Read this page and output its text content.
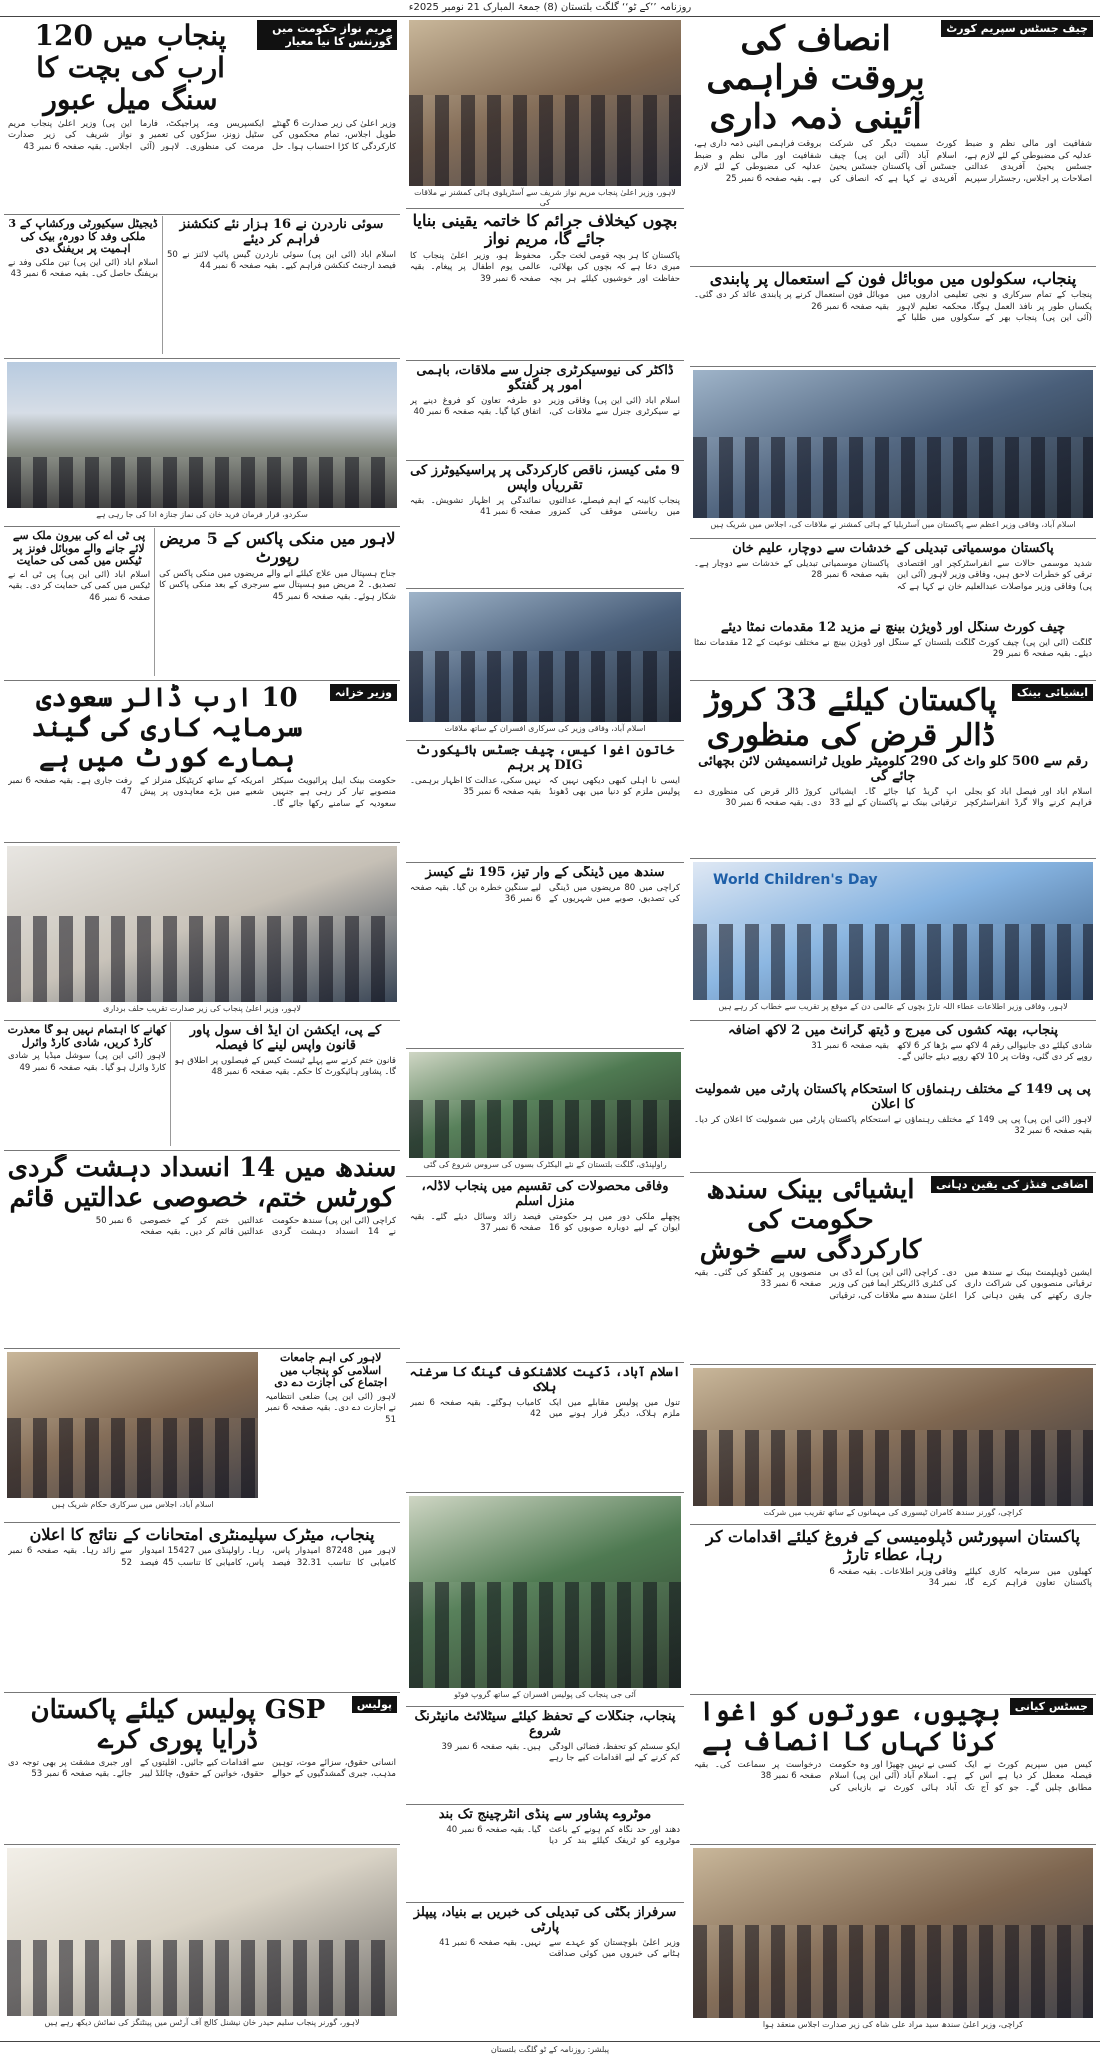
روزنامہ ’’کے ٹو‘‘ گلگت بلتستان (8) جمعۃ المبارک 21 نومبر 2025ء
چیف جسٹس سپریم کورٹ
انصاف کی بروقت فراہمی آئینی ذمہ داری
شفافیت اور مالی نظم و ضبط عدلیہ کی مضبوطی کے لئے لازم ہے، جسٹس یحییٰ آفریدی عدالتی اصلاحات پر اجلاس، رجسٹرار سپریم کورٹ سمیت دیگر کی شرکت اسلام آباد (آئی این پی) چیف جسٹس آف پاکستان جسٹس یحییٰ آفریدی نے کہا ہے کہ انصاف کی بروقت فراہمی آئینی ذمہ داری ہے، شفافیت اور مالی نظم و ضبط عدلیہ کی مضبوطی کے لئے لازم ہے۔ بقیہ صفحہ 6 نمبر 25
پنجاب، سکولوں میں موبائل فون کے استعمال پر پابندی
پنجاب کے تمام سرکاری و نجی تعلیمی اداروں میں یکساں طور پر نافذ العمل ہوگا، محکمہ تعلیم لاہور (آئی این پی) پنجاب بھر کے سکولوں میں طلبا کے موبائل فون استعمال کرنے پر پابندی عائد کر دی گئی۔ بقیہ صفحہ 6 نمبر 26
اسلام آباد، وفاقی وزیر اعظم سے پاکستان میں آسٹریلیا کے ہائی کمشنر نے ملاقات کی، اجلاس میں شریک ہیں
پاکستان موسمیاتی تبدیلی کے خدشات سے دوچار، علیم خان
شدید موسمی حالات سے انفراسٹرکچر اور اقتصادی ترقی کو خطرات لاحق ہیں، وفاقی وزیر لاہور (آئی این پی) وفاقی وزیر مواصلات عبدالعلیم خان نے کہا ہے کہ پاکستان موسمیاتی تبدیلی کے خدشات سے دوچار ہے۔ بقیہ صفحہ 6 نمبر 28
چیف کورٹ سنگل اور ڈویژن بینچ نے مزید 12 مقدمات نمٹا دیئے
گلگت (آئی این پی) چیف کورٹ گلگت بلتستان کے سنگل اور ڈویژن بینچ نے مختلف نوعیت کے 12 مقدمات نمٹا دیئے۔ بقیہ صفحہ 6 نمبر 29
ایشیائی بینک
پاکستان کیلئے 33 کروڑ ڈالر قرض کی منظوری
رقم سے 500 کلو واٹ کی 290 کلومیٹر طویل ٹرانسمیشن لائن بچھائی جائے گی
اسلام آباد اور فیصل آباد کو بجلی فراہم کرنے والا گرڈ انفراسٹرکچر اپ گریڈ کیا جائے گا۔ ایشیائی ترقیاتی بینک نے پاکستان کے لیے 33 کروڑ ڈالر قرض کی منظوری دے دی۔ بقیہ صفحہ 6 نمبر 30
World Children's Day
لاہور، وفاقی وزیر اطلاعات عطاء اللہ تارڑ بچوں کے عالمی دن کے موقع پر تقریب سے خطاب کر رہے ہیں
پنجاب، بھتہ کشوں کی میرج و ڈیتھ گرانٹ میں 2 لاکھ اضافہ
شادی کیلئے دی جانیوالی رقم 4 لاکھ سے بڑھا کر 6 لاکھ روپے کر دی گئی، وفات پر 10 لاکھ روپے دیئے جائیں گے۔ بقیہ صفحہ 6 نمبر 31
پی پی 149 کے مختلف رہنماؤں کا استحکام پاکستان پارٹی میں شمولیت کا اعلان
لاہور (آئی این پی) پی پی 149 کے مختلف رہنماؤں نے استحکام پاکستان پارٹی میں شمولیت کا اعلان کر دیا۔ بقیہ صفحہ 6 نمبر 32
اضافی فنڈز کی یقین دہانی
ایشیائی بینک سندھ حکومت کی کارکردگی سے خوش
ایشین ڈویلپمنٹ بینک نے سندھ میں ترقیاتی منصوبوں کی شراکت داری جاری رکھنے کی یقین دہانی کرا دی۔ کراچی (آئی این پی) اے ڈی بی کی کنٹری ڈائریکٹر ایما فین کی وزیر اعلیٰ سندھ سے ملاقات کی، ترقیاتی منصوبوں پر گفتگو کی گئی۔ بقیہ صفحہ 6 نمبر 33
کراچی، گورنر سندھ کامران ٹیسوری کی مہمانوں کے ساتھ تقریب میں شرکت
پاکستان اسپورٹس ڈپلومیسی کے فروغ کیلئے اقدامات کر رہا، عطاء تارڑ
کھیلوں میں سرمایہ کاری کیلئے پاکستان تعاون فراہم کرے گا، وفاقی وزیر اطلاعات۔ بقیہ صفحہ 6 نمبر 34
جسٹس کیانی
بچیوں، عورتوں کو اغوا کرنا کہاں کا انصاف ہے
کیس میں سپریم کورٹ نے ایک فیصلہ معطل کر دیا ہے اس کے مطابق چلیں گے۔ جو کو آج تک کسی نے نہیں چھیڑا اور وہ حکومت ہے۔ اسلام آباد (آئی این پی) اسلام آباد ہائی کورٹ نے بازیابی کی درخواست پر سماعت کی۔ بقیہ صفحہ 6 نمبر 38
کراچی، وزیر اعلیٰ سندھ سید مراد علی شاہ کی زیر صدارت اجلاس منعقد ہوا
لاہور، وزیر اعلیٰ پنجاب مریم نواز شریف سے آسٹریلوی ہائی کمشنر نے ملاقات کی
بچوں کیخلاف جرائم کا خاتمہ یقینی بنایا جائے گا، مریم نواز
پاکستان کا ہر بچہ قومی لخت جگر، میری دعا ہے کہ بچوں کی بھلائی، حفاظت اور خوشیوں کیلئے ہر بچہ محفوظ ہو، وزیر اعلیٰ پنجاب کا عالمی یوم اطفال پر پیغام۔ بقیہ صفحہ 6 نمبر 39
ڈاکٹر کی نیوسیکرٹری جنرل سے ملاقات، باہمی امور پر گفتگو
اسلام آباد (آئی این پی) وفاقی وزیر نے سیکرٹری جنرل سے ملاقات کی، دو طرفہ تعاون کو فروغ دینے پر اتفاق کیا گیا۔ بقیہ صفحہ 6 نمبر 40
9 مئی کیسز، ناقص کارکردگی پر پراسیکیوٹرز کی تقرریاں واپس
پنجاب کابینہ کے اہم فیصلے، عدالتوں میں ریاستی موقف کی کمزور نمائندگی پر اظہار تشویش۔ بقیہ صفحہ 6 نمبر 41
اسلام آباد، وفاقی وزیر کی سرکاری افسران کے ساتھ ملاقات
خاتون اغوا کیس، چیف جسٹس ہائیکورٹ DIG پر برہم
ایسی نا اہلی کبھی دیکھی نہیں کہ پولیس ملزم کو دنیا میں بھی ڈھونڈ نہیں سکی، عدالت کا اظہار برہمی۔ بقیہ صفحہ 6 نمبر 35
سندھ میں ڈینگی کے وار تیز، 195 نئے کیسز
کراچی میں 80 مریضوں میں ڈینگی کی تصدیق، صوبے میں شہریوں کے لیے سنگین خطرہ بن گیا۔ بقیہ صفحہ 6 نمبر 36
راولپنڈی، گلگت بلتستان کے نئے الیکٹرک بسوں کی سروس شروع کی گئی
وفاقی محصولات کی تقسیم میں پنجاب لاڈلہ، منزل اسلم
پچھلے ملکی دور میں ہر حکومتی ایوان کے لیے دوبارہ صوبوں کو 16 فیصد زائد وسائل دیئے گئے۔ بقیہ صفحہ 6 نمبر 37
اسلام آباد، ڈکیت کلاشنکوف گینگ کا سرغنہ ہلاک
تنول میں پولیس مقابلے میں ایک ملزم ہلاک، دیگر فرار ہونے میں کامیاب ہوگئے۔ بقیہ صفحہ 6 نمبر 42
آئی جی پنجاب کی پولیس افسران کے ساتھ گروپ فوٹو
پنجاب، جنگلات کے تحفظ کیلئے سیٹلائٹ مانیٹرنگ شروع
ایکو سسٹم کو تحفظ، فضائی آلودگی کم کرنے کے لیے اقدامات کیے جا رہے ہیں۔ بقیہ صفحہ 6 نمبر 39
موٹروے پشاور سے پنڈی انٹرچینج تک بند
دھند اور حد نگاہ کم ہونے کے باعث موٹروے کو ٹریفک کیلئے بند کر دیا گیا۔ بقیہ صفحہ 6 نمبر 40
سرفراز بگٹی کی تبدیلی کی خبریں بے بنیاد، پیپلز پارٹی
وزیر اعلیٰ بلوچستان کو عہدے سے ہٹانے کی خبروں میں کوئی صداقت نہیں۔ بقیہ صفحہ 6 نمبر 41
مریم نواز حکومت میں گورننس کا نیا معیار
پنجاب میں 120 ارب کی بچت کا سنگ میل عبور
وزیر اعلیٰ کی زیر صدارت 6 گھنٹے طویل اجلاس، تمام محکموں کی کارکردگی کا کڑا احتساب ہوا۔ حل ایکسپریس وے، پراجیکٹ، فارما سٹیل زونز، سڑکوں کی تعمیر و مرمت کی منظوری۔ لاہور (آئی این پی) وزیر اعلیٰ پنجاب مریم نواز شریف کی زیر صدارت اجلاس۔ بقیہ صفحہ 6 نمبر 43
سوئی ناردرن نے 16 ہزار نئے کنکشنز فراہم کر دیئے
اسلام آباد (آئی این پی) سوئی ناردرن گیس پائپ لائنز نے 50 فیصد ارجنٹ کنکشن فراہم کیے۔ بقیہ صفحہ 6 نمبر 44
ڈیجیٹل سیکیورٹی ورکشاپ کے 3 ملکی وفد کا دورہ، بیک کی اہمیت پر بریفنگ دی
اسلام آباد (آئی این پی) تین ملکی وفد نے بریفنگ حاصل کی۔ بقیہ صفحہ 6 نمبر 43
سکردو، قرار فرمان فرید خان کی نماز جنازہ ادا کی جا رہی ہے
لاہور میں منکی پاکس کے 5 مریض رپورٹ
جناح ہسپتال میں علاج کیلئے آنے والے مریضوں میں منکی پاکس کی تصدیق۔ 2 مریض میو ہسپتال سے سرجری کے بعد منکی پاکس کا شکار ہوئے۔ بقیہ صفحہ 6 نمبر 45
پی ٹی اے کی بیرون ملک سے لائے جانے والے موبائل فونز پر ٹیکس میں کمی کی حمایت
اسلام آباد (آئی این پی) پی ٹی اے نے ٹیکس میں کمی کی حمایت کر دی۔ بقیہ صفحہ 6 نمبر 46
وزیر خزانہ
10 ارب ڈالر سعودی سرمایہ کاری کی گیند ہمارے کورٹ میں ہے
حکومت بینک ایبل پرائیویٹ سیکٹر منصوبے تیار کر رہی ہے جنہیں سعودیہ کے سامنے رکھا جائے گا۔ امریکہ کے ساتھ کریٹیکل منرلز کے شعبے میں بڑے معاہدوں پر پیش رفت جاری ہے۔ بقیہ صفحہ 6 نمبر 47
لاہور، وزیر اعلیٰ پنجاب کی زیر صدارت تقریب حلف برداری
کے پی، ایکشن ان ایڈ آف سول پاور قانون واپس لینے کا فیصلہ
قانون ختم کرنے سے پہلے ٹیسٹ کیس کے فیصلوں پر اطلاق ہو گا۔ پشاور ہائیکورٹ کا حکم۔ بقیہ صفحہ 6 نمبر 48
کھانے کا اہتمام نہیں ہو گا معذرت کارڈ کریں، شادی کارڈ وائرل
لاہور (آئی این پی) سوشل میڈیا پر شادی کارڈ وائرل ہو گیا۔ بقیہ صفحہ 6 نمبر 49
سندھ میں 14 انسداد دہشت گردی کورٹس ختم، خصوصی عدالتیں قائم
کراچی (آئی این پی) سندھ حکومت نے 14 انسداد دہشت گردی عدالتیں ختم کر کے خصوصی عدالتیں قائم کر دیں۔ بقیہ صفحہ 6 نمبر 50
لاہور کی اہم جامعات اسلامی کو پنجاب میں اجتماع کی اجازت دے دی
لاہور (آئی این پی) ضلعی انتظامیہ نے اجازت دے دی۔ بقیہ صفحہ 6 نمبر 51
اسلام آباد، اجلاس میں سرکاری حکام شریک ہیں
پنجاب، میٹرک سپلیمنٹری امتحانات کے نتائج کا اعلان
لاہور میں 87248 امیدوار پاس، کامیابی کا تناسب 32.31 فیصد رہا۔ راولپنڈی میں 15427 امیدوار پاس، کامیابی کا تناسب 45 فیصد سے زائد رہا۔ بقیہ صفحہ 6 نمبر 52
پولیس
GSP پولیس کیلئے پاکستان ڈرایا پوری کرے
انسانی حقوق، سزائے موت، توہین مذہب، جبری گمشدگیوں کے حوالے سے اقدامات کیے جائیں۔ اقلیتوں کے حقوق، خواتین کے حقوق، چائلڈ لیبر اور جبری مشقت پر بھی توجہ دی جائے۔ بقیہ صفحہ 6 نمبر 53
لاہور، گورنر پنجاب سلیم حیدر خان نیشنل کالج آف آرٹس میں پینٹنگز کی نمائش دیکھ رہے ہیں
پبلشر: روزنامہ کے ٹو گلگت بلتستان
